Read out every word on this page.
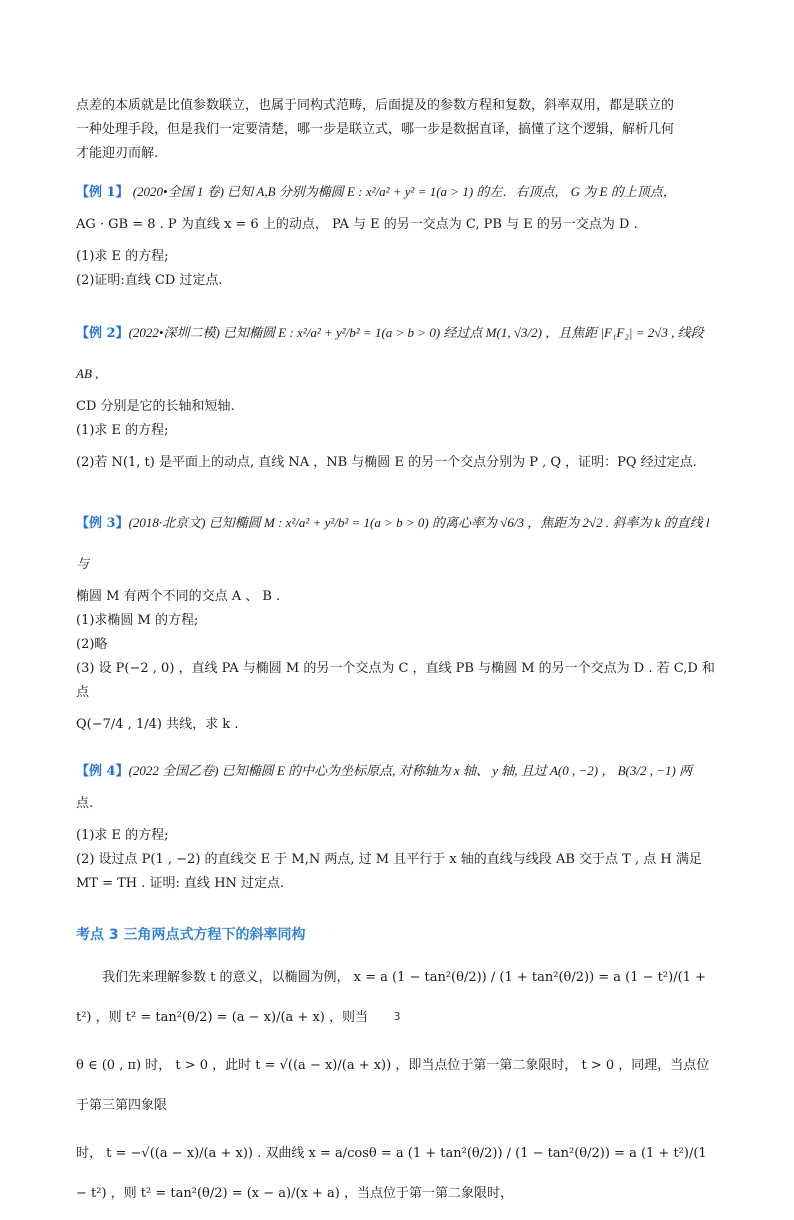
点差的本质就是比值参数联立，也属于同构式范畴，后面提及的参数方程和复数，斜率双用，都是联立的

一种处理手段，但是我们一定要清楚，哪一步是联立式，哪一步是数据直译，搞懂了这个逻辑，解析几何

才能迎刃而解.

【例 1】 (2020•全国 1 卷) 已知 A,B 分别为椭圆 E : x²/a² + y² = 1(a > 1) 的左．右顶点， G 为 E 的上顶点，

AG · GB = 8 . P 为直线 x = 6 上的动点， PA 与 E 的另一交点为 C, PB 与 E 的另一交点为 D .

(1)求 E 的方程;

(2)证明:直线 CD 过定点.

【例 2】(2022•深圳二模) 已知椭圆 E : x²/a² + y²/b² = 1(a > b > 0) 经过点 M(1, √3/2) ，且焦距 |F₁F₂| = 2√3 , 线段 AB ,

CD 分别是它的长轴和短轴.

(1)求 E 的方程;

(2)若 N(1, t) 是平面上的动点, 直线 NA ，NB 与椭圆 E 的另一个交点分别为 P , Q ，证明：PQ 经过定点.

【例 3】(2018·北京文) 已知椭圆 M : x²/a² + y²/b² = 1(a > b > 0) 的离心率为 √6/3 ，焦距为 2√2 . 斜率为 k 的直线 l 与

椭圆 M 有两个不同的交点 A 、 B .

(1)求椭圆 M 的方程;

(2)略

(3) 设 P(−2 , 0) ，直线 PA 与椭圆 M 的另一个交点为 C ，直线 PB 与椭圆 M 的另一个交点为 D . 若 C,D 和点

Q(−7/4 , 1/4) 共线，求 k .

【例 4】(2022 全国乙卷) 已知椭圆 E 的中心为坐标原点, 对称轴为 x 轴、 y 轴, 且过 A(0 , −2) ， B(3/2 , −1) 两

点.

(1)求 E 的方程;

(2) 设过点 P(1 , −2) 的直线交 E 于 M,N 两点, 过 M 且平行于 x 轴的直线与线段 AB 交于点 T , 点 H 满足

MT = TH . 证明: 直线 HN 过定点.

考点 3 三角两点式方程下的斜率同构

我们先来理解参数 t 的意义，以椭圆为例， x = a (1 − tan²(θ/2)) / (1 + tan²(θ/2)) = a (1 − t²)/(1 + t²) ，则 t² = tan²(θ/2) = (a − x)/(a + x) ，则当

θ ∈ (0 , π) 时， t > 0 ，此时 t = √((a − x)/(a + x)) ，即当点位于第一第二象限时， t > 0 ，同理，当点位于第三第四象限

时， t = −√((a − x)/(a + x)) . 双曲线 x = a/cosθ = a (1 + tan²(θ/2)) / (1 − tan²(θ/2)) = a (1 + t²)/(1 − t²) ，则 t² = tan²(θ/2) = (x − a)/(x + a) ，当点位于第一第二象限时，

3
